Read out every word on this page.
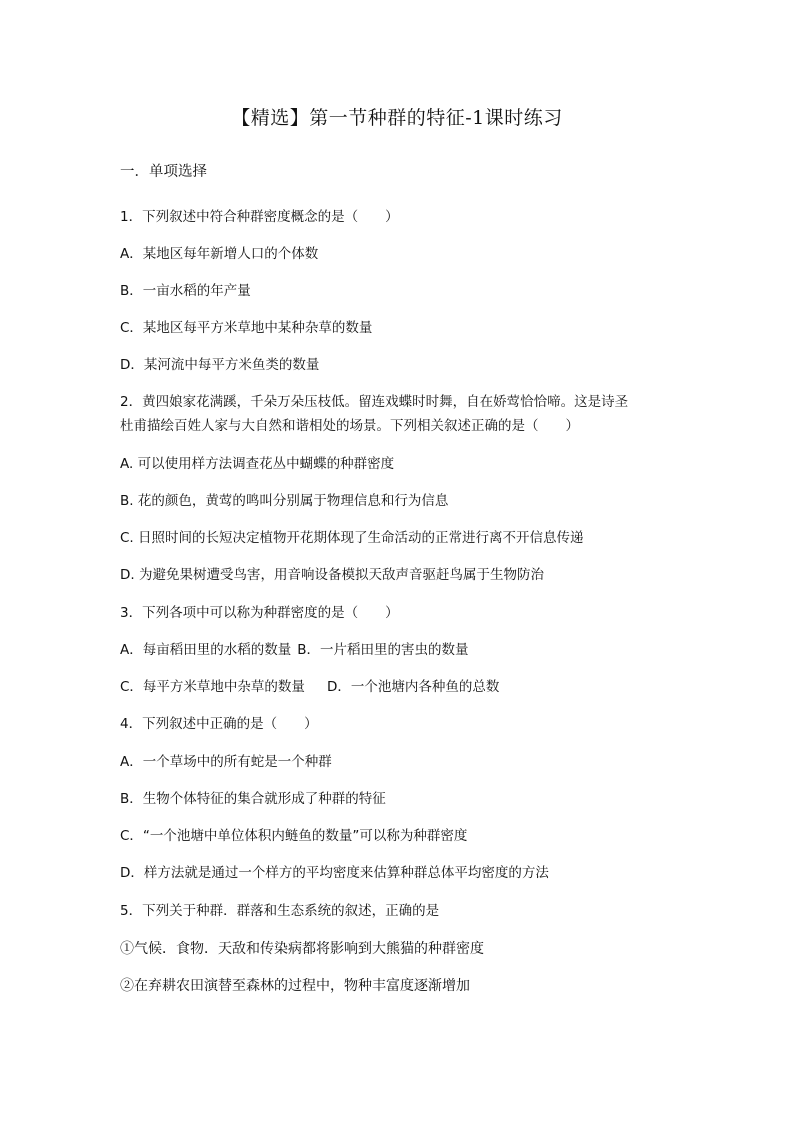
【精选】第一节种群的特征-1课时练习
一．单项选择
1．下列叙述中符合种群密度概念的是（　　）
A．某地区每年新增人口的个体数
B．一亩水稻的年产量
C．某地区每平方米草地中某种杂草的数量
D．某河流中每平方米鱼类的数量
2．黄四娘家花满蹊，千朵万朵压枝低。留连戏蝶时时舞，自在娇莺恰恰啼。这是诗圣
杜甫描绘百姓人家与大自然和谐相处的场景。下列相关叙述正确的是（　　）
A. 可以使用样方法调查花丛中蝴蝶的种群密度
B. 花的颜色，黄莺的鸣叫分别属于物理信息和行为信息
C. 日照时间的长短决定植物开花期体现了生命活动的正常进行离不开信息传递
D. 为避免果树遭受鸟害，用音响设备模拟天敌声音驱赶鸟属于生物防治
3．下列各项中可以称为种群密度的是（　　）
A．每亩稻田里的水稻的数量 B．一片稻田里的害虫的数量
C．每平方米草地中杂草的数量 D．一个池塘内各种鱼的总数
4．下列叙述中正确的是（　　）
A．一个草场中的所有蛇是一个种群
B．生物个体特征的集合就形成了种群的特征
C．“一个池塘中单位体积内鲢鱼的数量”可以称为种群密度
D．样方法就是通过一个样方的平均密度来估算种群总体平均密度的方法
5．下列关于种群．群落和生态系统的叙述，正确的是
①气候．食物．天敌和传染病都将影响到大熊猫的种群密度
②在弃耕农田演替至森林的过程中，物种丰富度逐渐增加
